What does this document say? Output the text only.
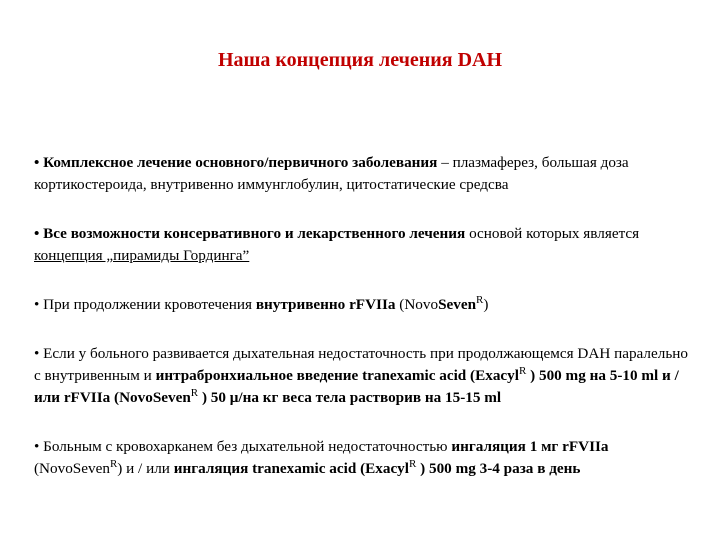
Наша концепция лечения DAH

• Комплексное лечение основного/первичного заболевания – плазмаферез, большая доза кортикостероида, внутривенно иммунглобулин, цитостатические средсва

• Все возможности консервативного и лекарственного лечения основой которых является концепция „пирамиды Гординга”

• При продолжении кровотечения внутривенно rFVIIa (NovoSeven$^R$)

• Если у больного развивается дыхательная недостаточность при продолжающемся DAH паралельно с внутривенным и интрабронхиальное введение tranexamic acid (Exacyl$^R$ ) 500 mg на 5-10 ml и / или rFVIIa (NovoSeven$^R$ ) 50 μ/на кг веса тела растворив на 15-15 ml

• Больным с кровохарканем без дыхательной недостаточностью ингаляция 1 мг rFVIIa (NovoSeven$^R$) и / или ингаляция tranexamic acid (Exacyl$^R$ ) 500 mg 3-4 раза в день
